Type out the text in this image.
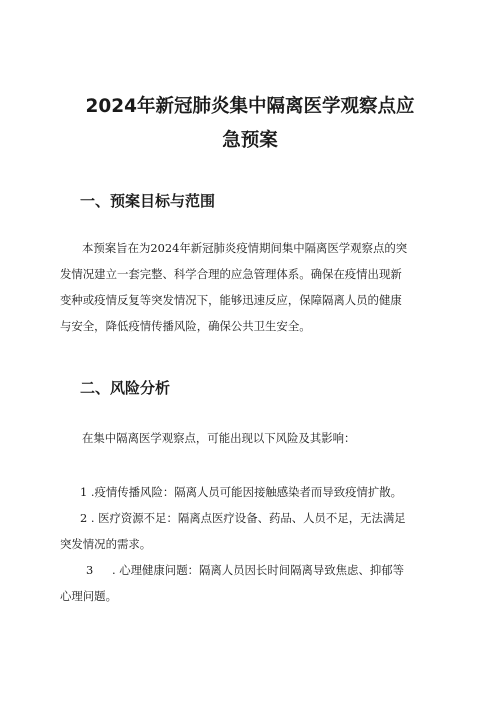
2024年新冠肺炎集中隔离医学观察点应
急预案
一、预案目标与范围
本预案旨在为2024年新冠肺炎疫情期间集中隔离医学观察点的突
发情况建立一套完整、科学合理的应急管理体系。确保在疫情出现新
变种或疫情反复等突发情况下，能够迅速反应，保障隔离人员的健康
与安全，降低疫情传播风险，确保公共卫生安全。
二、风险分析
在集中隔离医学观察点，可能出现以下风险及其影响：
1 .疫情传播风险：隔离人员可能因接触感染者而导致疫情扩散。
2 . 医疗资源不足：隔离点医疗设备、药品、人员不足，无法满足
突发情况的需求。
3 . 心理健康问题：隔离人员因长时间隔离导致焦虑、抑郁等
心理问题。
